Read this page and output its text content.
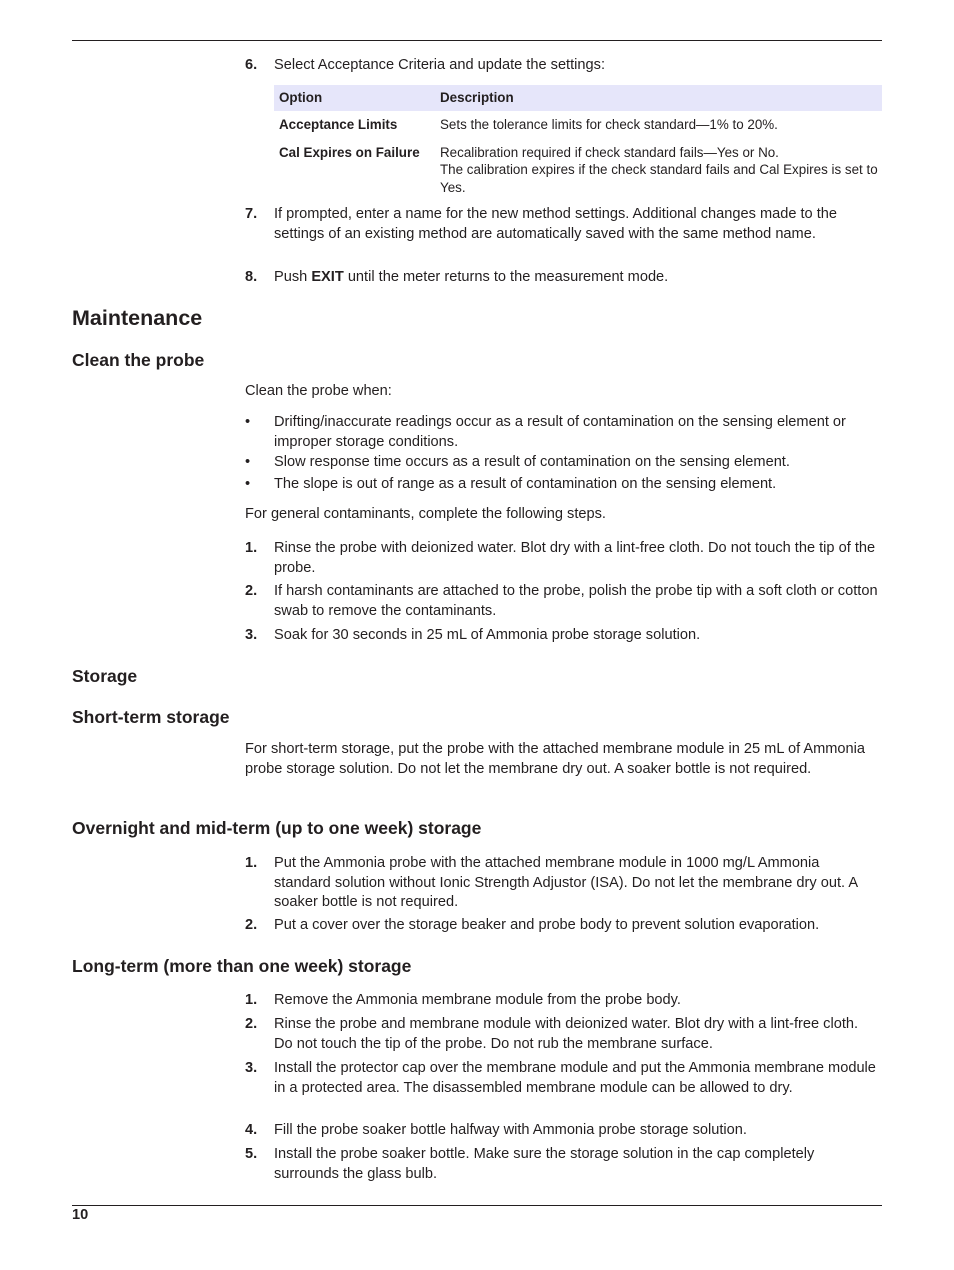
6. Select Acceptance Criteria and update the settings:
Option	Description
Acceptance Limits	Sets the tolerance limits for check standard—1% to 20%.
Cal Expires on Failure Recalibration required if check standard fails—Yes or No.
The calibration expires if the check standard fails and Cal Expires is set to Yes.
7. If prompted, enter a name for the new method settings. Additional changes made to the settings of an existing method are automatically saved with the same method name.
8. Push EXIT until the meter returns to the measurement mode.
Maintenance
Clean the probe
Clean the probe when:
• Drifting/inaccurate readings occur as a result of contamination on the sensing element or improper storage conditions.
• Slow response time occurs as a result of contamination on the sensing element.
• The slope is out of range as a result of contamination on the sensing element.
For general contaminants, complete the following steps.
1. Rinse the probe with deionized water. Blot dry with a lint-free cloth. Do not touch the tip of the probe.
2. If harsh contaminants are attached to the probe, polish the probe tip with a soft cloth or cotton swab to remove the contaminants.
3. Soak for 30 seconds in 25 mL of Ammonia probe storage solution.
Storage
Short-term storage
For short-term storage, put the probe with the attached membrane module in 25 mL of Ammonia probe storage solution. Do not let the membrane dry out. A soaker bottle is not required.
Overnight and mid-term (up to one week) storage
1. Put the Ammonia probe with the attached membrane module in 1000 mg/L Ammonia standard solution without Ionic Strength Adjustor (ISA). Do not let the membrane dry out. A soaker bottle is not required.
2. Put a cover over the storage beaker and probe body to prevent solution evaporation.
Long-term (more than one week) storage
1. Remove the Ammonia membrane module from the probe body.
2. Rinse the probe and membrane module with deionized water. Blot dry with a lint-free cloth. Do not touch the tip of the probe. Do not rub the membrane surface.
3. Install the protector cap over the membrane module and put the Ammonia membrane module in a protected area. The disassembled membrane module can be allowed to dry.
4. Fill the probe soaker bottle halfway with Ammonia probe storage solution.
5. Install the probe soaker bottle. Make sure the storage solution in the cap completely surrounds the glass bulb.
10
